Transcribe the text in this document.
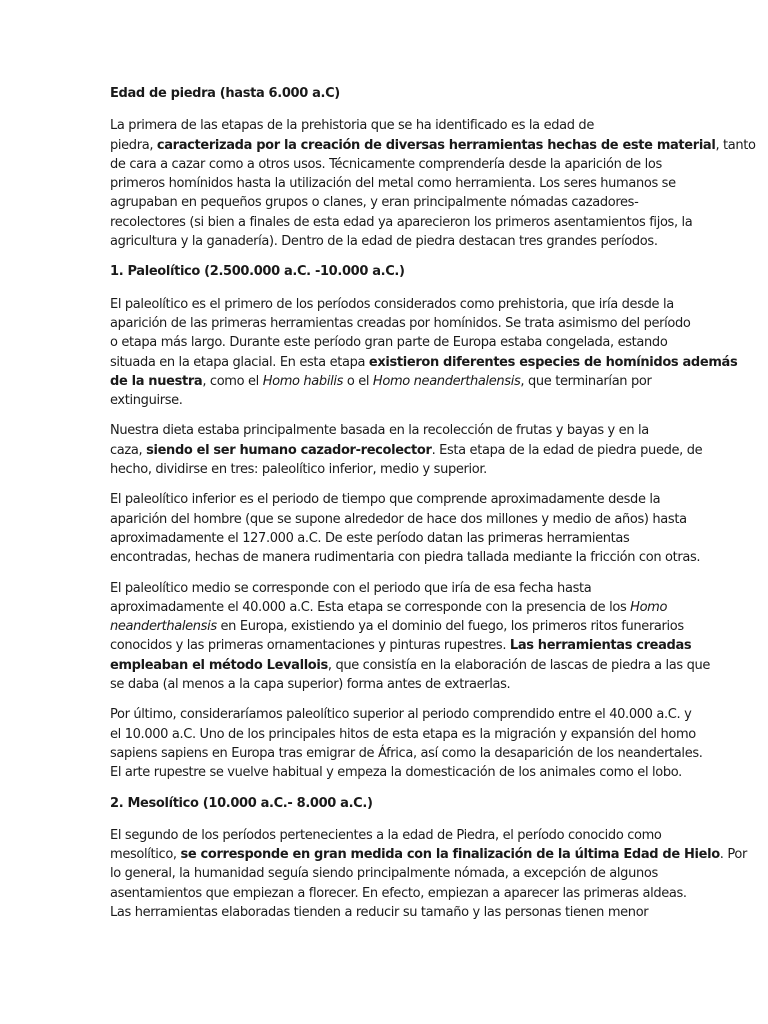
Edad de piedra (hasta 6.000 a.C)
La primera de las etapas de la prehistoria que se ha identificado es la edad de
piedra, caracterizada por la creación de diversas herramientas hechas de este material, tanto
de cara a cazar como a otros usos. Técnicamente comprendería desde la aparición de los
primeros homínidos hasta la utilización del metal como herramienta. Los seres humanos se
agrupaban en pequeños grupos o clanes, y eran principalmente nómadas cazadores-
recolectores (si bien a finales de esta edad ya aparecieron los primeros asentamientos fijos, la
agricultura y la ganadería). Dentro de la edad de piedra destacan tres grandes períodos.
1. Paleolítico (2.500.000 a.C. -10.000 a.C.)
El paleolítico es el primero de los períodos considerados como prehistoria, que iría desde la
aparición de las primeras herramientas creadas por homínidos. Se trata asimismo del período
o etapa más largo. Durante este período gran parte de Europa estaba congelada, estando
situada en la etapa glacial. En esta etapa existieron diferentes especies de homínidos además
de la nuestra, como el Homo habilis o el Homo neanderthalensis, que terminarían por
extinguirse.
Nuestra dieta estaba principalmente basada en la recolección de frutas y bayas y en la
caza, siendo el ser humano cazador-recolector. Esta etapa de la edad de piedra puede, de
hecho, dividirse en tres: paleolítico inferior, medio y superior.
El paleolítico inferior es el periodo de tiempo que comprende aproximadamente desde la
aparición del hombre (que se supone alrededor de hace dos millones y medio de años) hasta
aproximadamente el 127.000 a.C. De este período datan las primeras herramientas
encontradas, hechas de manera rudimentaria con piedra tallada mediante la fricción con otras.
El paleolítico medio se corresponde con el periodo que iría de esa fecha hasta
aproximadamente el 40.000 a.C. Esta etapa se corresponde con la presencia de los Homo
neanderthalensis en Europa, existiendo ya el dominio del fuego, los primeros ritos funerarios
conocidos y las primeras ornamentaciones y pinturas rupestres. Las herramientas creadas
empleaban el método Levallois, que consistía en la elaboración de lascas de piedra a las que
se daba (al menos a la capa superior) forma antes de extraerlas.
Por último, consideraríamos paleolítico superior al periodo comprendido entre el 40.000 a.C. y
el 10.000 a.C. Uno de los principales hitos de esta etapa es la migración y expansión del homo
sapiens sapiens en Europa tras emigrar de África, así como la desaparición de los neandertales.
El arte rupestre se vuelve habitual y empeza la domesticación de los animales como el lobo.
2. Mesolítico (10.000 a.C.- 8.000 a.C.)
El segundo de los períodos pertenecientes a la edad de Piedra, el período conocido como
mesolítico, se corresponde en gran medida con la finalización de la última Edad de Hielo. Por
lo general, la humanidad seguía siendo principalmente nómada, a excepción de algunos
asentamientos que empiezan a florecer. En efecto, empiezan a aparecer las primeras aldeas.
Las herramientas elaboradas tienden a reducir su tamaño y las personas tienen menor
